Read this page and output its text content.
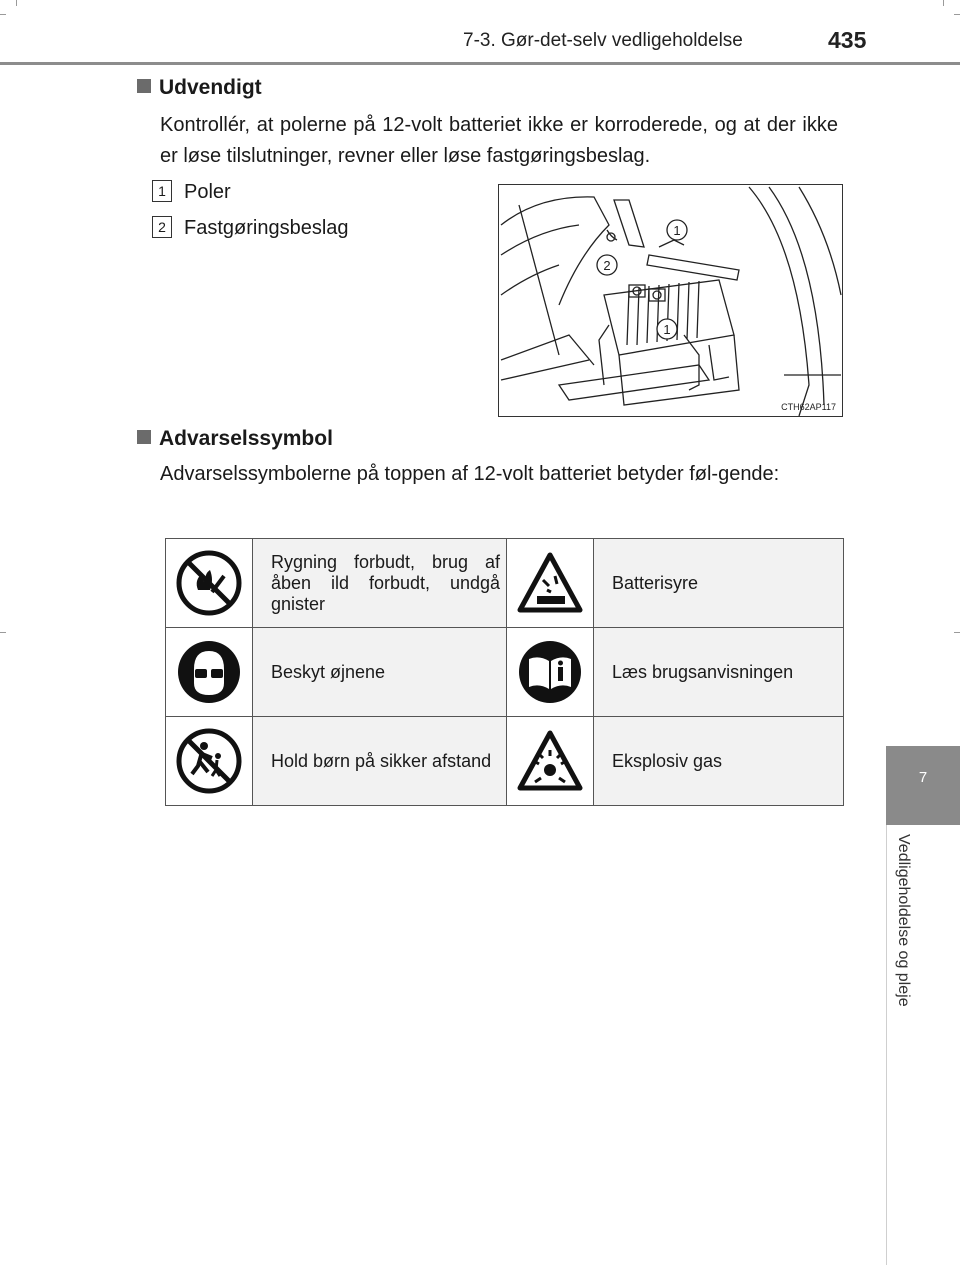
7-3. Gør-det-selv vedligeholdelse	435
7
Vedligeholdelse og pleje
Udvendigt
Kontrollér, at polerne på 12-volt batteriet ikke er korroderede, og at der ikke er løse tilslutninger, revner eller løse fastgøringsbeslag.
1 Poler
2 Fastgøringsbeslag	1
2
1
CTH62AP117
Advarselssymbol
Advarselssymbolerne på toppen af 12-volt batteriet betyder føl-gende:
	Rygning forbudt, brug af åben ild forbudt, undgå gnister		Batterisyre
	Beskyt øjnene		Læs brugsanvisningen
	Hold børn på sikker afstand		Eksplosiv gas
